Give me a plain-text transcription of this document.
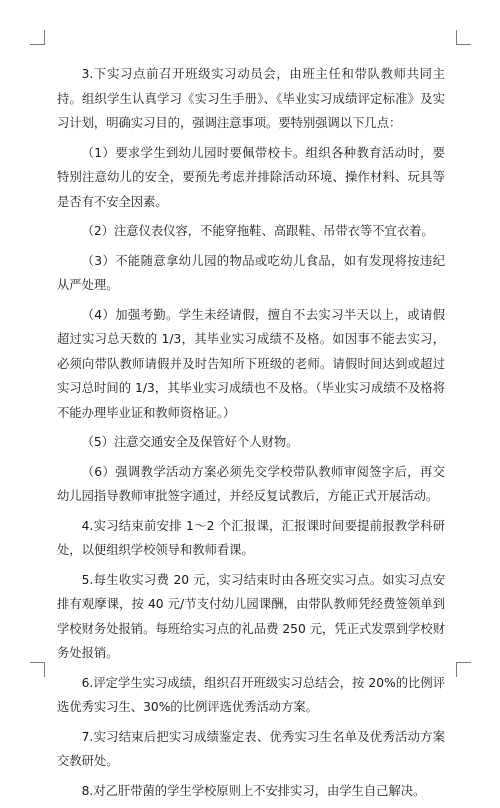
3.下实习点前召开班级实习动员会，由班主任和带队教师共同主持。组织学生认真学习《实习生手册》、《毕业实习成绩评定标准》及实习计划，明确实习目的，强调注意事项。要特别强调以下几点：

（1）要求学生到幼儿园时要佩带校卡。组织各种教育活动时，要特别注意幼儿的安全，要预先考虑并排除活动环境、操作材料、玩具等是否有不安全因素。

（2）注意仪表仪容，不能穿拖鞋、高跟鞋、吊带衣等不宜衣着。

（3）不能随意拿幼儿园的物品或吃幼儿食品，如有发现将按违纪从严处理。

（4）加强考勤。学生未经请假，擅自不去实习半天以上，或请假超过实习总天数的 1/3，其毕业实习成绩不及格。如因事不能去实习，必须向带队教师请假并及时告知所下班级的老师。请假时间达到或超过实习总时间的 1/3，其毕业实习成绩也不及格。（毕业实习成绩不及格将不能办理毕业证和教师资格证。）

（5）注意交通安全及保管好个人财物。

（6）强调教学活动方案必须先交学校带队教师审阅签字后，再交幼儿园指导教师审批签字通过，并经反复试教后，方能正式开展活动。

4.实习结束前安排 1～2 个汇报课，汇报课时间要提前报教学科研处，以便组织学校领导和教师看课。

5.每生收实习费 20 元，实习结束时由各班交实习点。如实习点安排有观摩课，按 40 元/节支付幼儿园课酬，由带队教师凭经费签领单到学校财务处报销。每班给实习点的礼品费 250 元，凭正式发票到学校财务处报销。

6.评定学生实习成绩，组织召开班级实习总结会，按 20%的比例评选优秀实习生、30%的比例评选优秀活动方案。

7.实习结束后把实习成绩鉴定表、优秀实习生名单及优秀活动方案交教研处。

8.对乙肝带菌的学生学校原则上不安排实习，由学生自己解决。
